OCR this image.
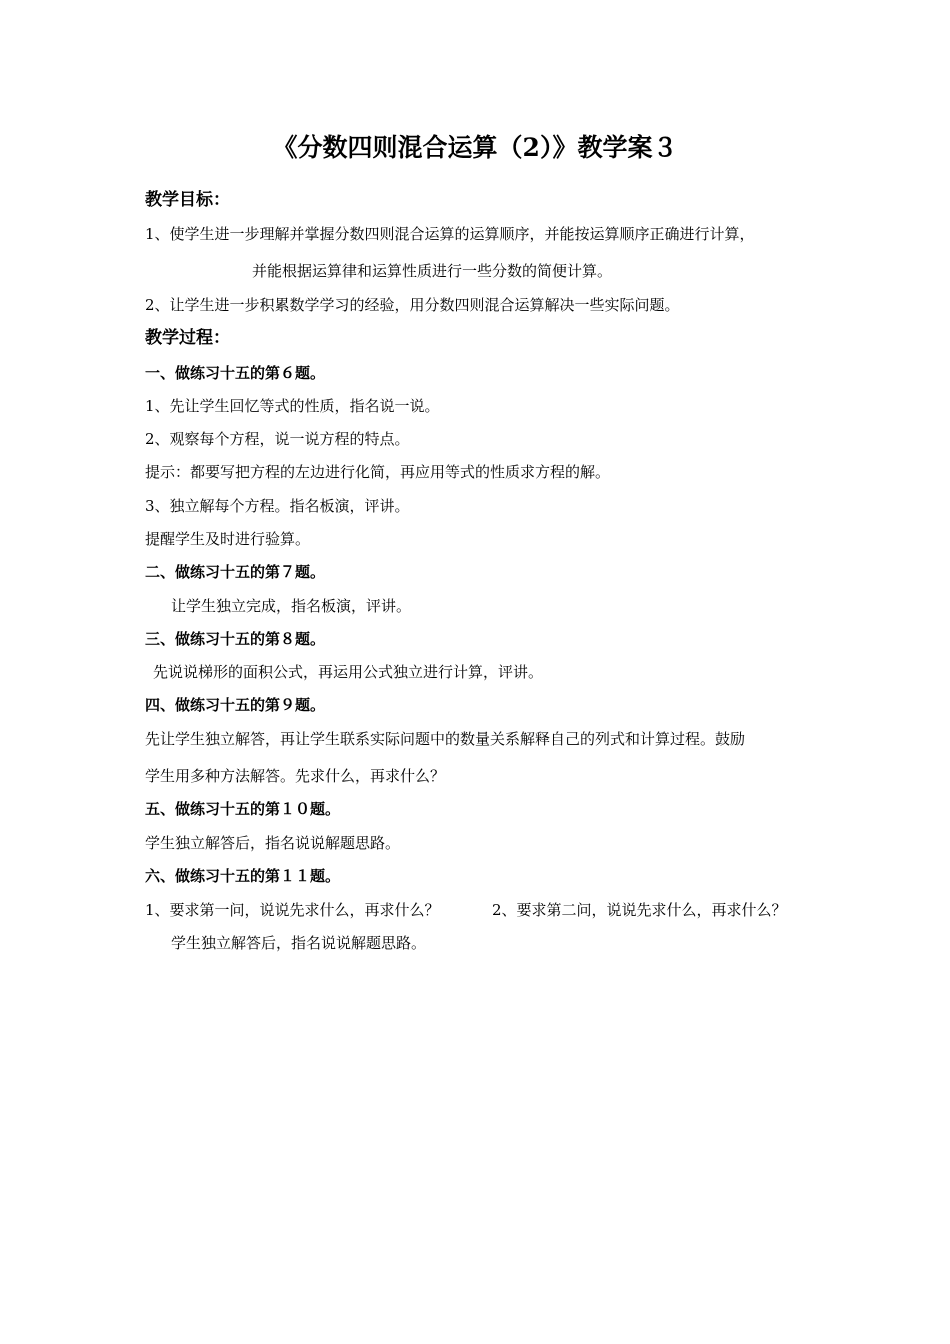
《分数四则混合运算（2）》教学案３
教学目标：
1、使学生进一步理解并掌握分数四则混合运算的运算顺序，并能按运算顺序正确进行计算，
并能根据运算律和运算性质进行一些分数的简便计算。
2、让学生进一步积累数学学习的经验，用分数四则混合运算解决一些实际问题。
教学过程：
一、做练习十五的第６题。
1、先让学生回忆等式的性质，指名说一说。
2、观察每个方程，说一说方程的特点。
提示：都要写把方程的左边进行化简，再应用等式的性质求方程的解。
3、独立解每个方程。指名板演，评讲。
提醒学生及时进行验算。
二、做练习十五的第７题。
让学生独立完成，指名板演，评讲。
三、做练习十五的第８题。
先说说梯形的面积公式，再运用公式独立进行计算，评讲。
四、做练习十五的第９题。
先让学生独立解答，再让学生联系实际问题中的数量关系解释自己的列式和计算过程。鼓励
学生用多种方法解答。先求什么，再求什么？
五、做练习十五的第１０题。
学生独立解答后，指名说说解题思路。
六、做练习十五的第１１题。
1、要求第一问，说说先求什么，再求什么？	2、要求第二问，说说先求什么，再求什么？
学生独立解答后，指名说说解题思路。
